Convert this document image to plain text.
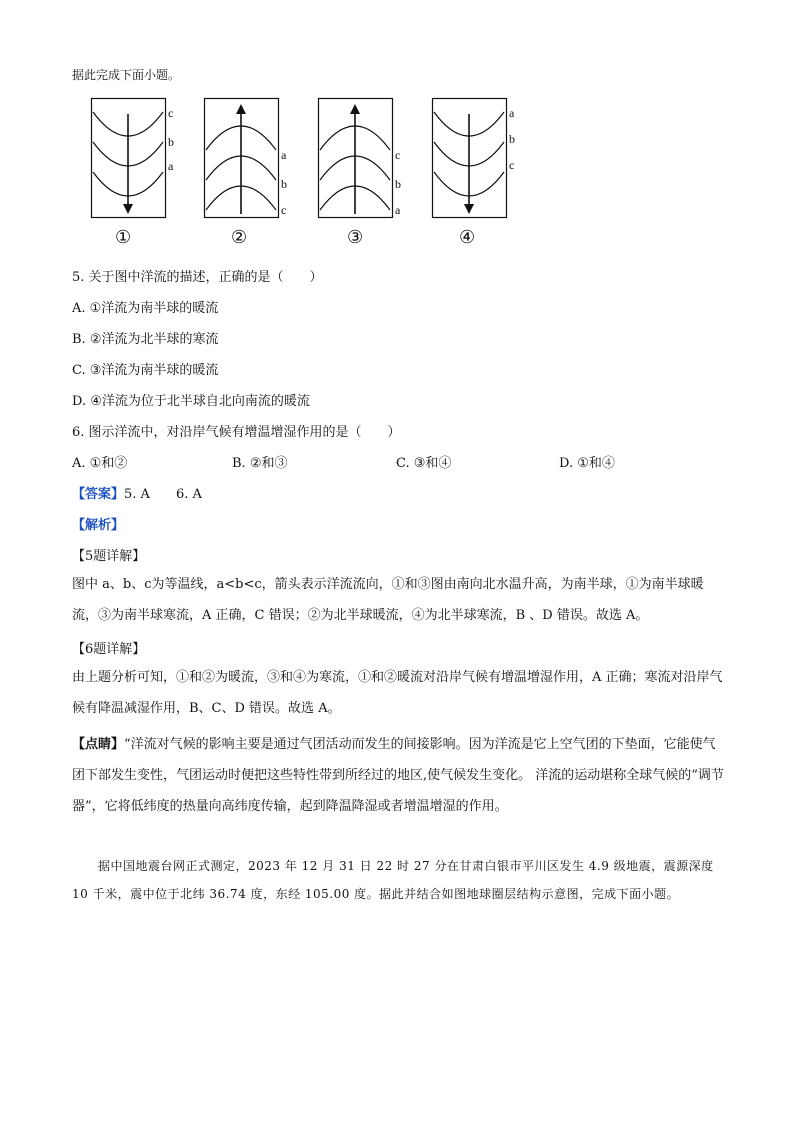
据此完成下面小题。
c
b
a
①
a
b
c
②
c
b
a
③
a
b
c
④
5. 关于图中洋流的描述，正确的是（　　）
A. ①洋流为南半球的暖流
B. ②洋流为北半球的寒流
C. ③洋流为南半球的暖流
D. ④洋流为位于北半球自北向南流的暖流
6. 图示洋流中，对沿岸气候有增温增湿作用的是（　　）
A. ①和②	B. ②和③	C. ③和④	D. ①和④
【答案】5. A　　6. A
【解析】
【5题详解】
图中 a、b、c为等温线，a<b<c，箭头表示洋流流向，①和③图由南向北水温升高，为南半球，①为南半球暖流，③为南半球寒流，A 正确，C 错误；②为北半球暖流，④为北半球寒流，B 、D 错误。故选 A。
【6题详解】
由上题分析可知，①和②为暖流，③和④为寒流，①和②暖流对沿岸气候有增温增湿作用，A 正确；寒流对沿岸气候有降温减湿作用，B、C、D 错误。故选 A。
【点睛】“洋流对气候的影响主要是通过气团活动而发生的间接影响。因为洋流是它上空气团的下垫面，它能使气团下部发生变性，气团运动时便把这些特性带到所经过的地区,使气候发生变化。 洋流的运动堪称全球气候的“调节器”，它将低纬度的热量向高纬度传输，起到降温降湿或者增温增湿的作用。
据中国地震台网正式测定，2023 年 12 月 31 日 22 时 27 分在甘肃白银市平川区发生 4.9 级地震，震源深度 10 千米，震中位于北纬 36.74 度，东经 105.00 度。据此并结合如图地球圈层结构示意图，完成下面小题。
